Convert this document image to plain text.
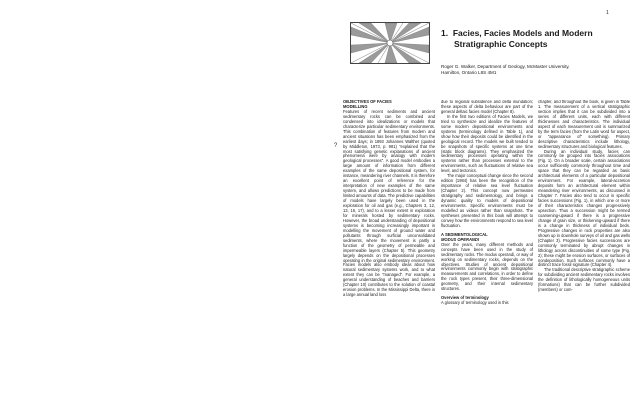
1
1. Facies, Facies Models and Modern
Stratigraphic Concepts
Roger G. Walker, Department of Geology, McMaster University,
Hamilton, Ontario L8S 4M1
?
OBJECTIVES OF FACIES
MODELLING
Features of recent sediments and ancient sedimentary rocks can be combined and condensed into idealizations or models that characterize particular sedimentary environments. This combination of features from modern and ancient situations has been emphasized from the earliest days; in 1893 Johannes Walther (quoted by Middleton, 1973, p. 981) "explained that the most satisfying genetic explanations of ancient phenomena were by analogy with modern geological processes". A good model embodies a large amount of information from different examples of the same depositional system, for instance, meandering river channels. It is therefore an excellent point of reference for the interpretation of new examples of the same system, and allows predictions to be made from limited amounts of data. The predictive capabilities of models have largely been used in the exploration for oil and gas (e.g., Chapters 3, 12, 13, 16, 17), and to a lesser extent in exploration for minerals hosted by sedimentary rocks. However, the broad understanding of depositional systems is becoming increasingly important in modelling the movement of ground water and pollutants through surficial unconsolidated sediments, where the movement is partly a function of the geometry of permeable and impermeable layers (Chapter 5). This geometry largely depends on the depositional processes operating in the original sedimentary environment. Facies models also embody ideas about how natural sedimentary systems work, and to what extent they can be "managed". For example, a general understanding of beaches and barriers (Chapter 10) contributes to the solution of coastal erosion problems. In the Mississippi Delta, there is a large annual land loss
due to regional subsidence and delta inundation; these aspects of delta behaviour are part of the general deltaic facies model (Chapter 8).
In the first two editions of Facies Models, we tried to synthesize and idealize the features of some modern depositional environments and systems (terminology defined in Table 1), and show how their deposits could be identified in the geological record. The models we built tended to be snapshots of specific systems at one time (static block diagrams). They emphasized the sedimentary processes operating within the systems rather than processes external to the environments, such as fluctuations of relative sea level, and tectonics.
The major conceptual change since the second edition (1984) has been the recognition of the importance of relative sea level fluctuation (Chapter 2). This concept now permeates stratigraphy and sedimentology, and brings a dynamic quality to models of depositional environments. Specific environments must be modelled as videos rather than snapshots. The syntheses presented in this book will attempt to convey how the environments respond to sea level fluctuation.
A SEDIMENTOLOGICAL
MODUS OPERANDI
Over the years, many different methods and concepts have been used in the study of sedimentary rocks. The modus operandi, or way of working on sedimentary rocks, depends on the objectives. Studies of ancient depositional environments commonly begin with stratigraphic measurements and correlations, in order to define the rock types present, their three-dimensional geometry, and their internal sedimentary structures.
Overview of terminology
A glossary of terminology used in this
chapter, and throughout the book, is given in Table 1. The measurement of a vertical stratigraphic section implies that it can be subdivided into a series of different units, each with different thicknesses and characteristics. The individual aspect of each measurement unit is summarized by the term facies (from the Latin word for aspect, or "appearance of" something). Primary descriptive characteristics include lithology, sedimentary structures and biological features.
During an individual study, facies can commonly be grouped into facies associations (Fig. 1). On a broader scale, certain associations occur sufficiently commonly throughout time and space that they can be regarded as basic architectural elements of a particular depositional environment. For example, lateral-accretion deposits form an architectural element within meandering river environments, as discussed in Chapter 7. Facies also tend to occur in specific facies successions (Fig. 1), in which one or more of their characteristics changes progressively upsection. Thus a succession might be termed coarsening-upward if there is a progressive change of grain size, or thickening-upward if there is a change in thickness of individual beds. Progressive changes in rock properties are also shown up in downhole surveys of oil and gas wells (Chapter 3). Progressive facies successions are commonly terminated by abrupt changes in lithology across discontinuities of some type (Fig. 2); these might be erosion surfaces, or surfaces of nondeposition. Such surfaces commonly have a distinct trace fossil signature (Chapter 4).
The traditional descriptive stratigraphic scheme for subdividing ancient sedimentary rocks involves the definition of lithologically homogeneous units (formations) that can be further subdivided (members) or com-
